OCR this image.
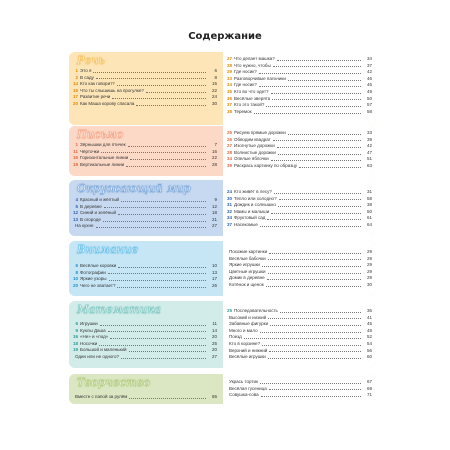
Содержание
Речь
1 Это я	6
2 В саду	8
14 Кто как говорит?	15
15 Что ты слышишь на прогулке?	22
17 Развитие речи	24
20 Как Маша корову спасала	30
27 Что делает машка?	34
28 Что нужно, чтобы	37
29 Где носик?	42
33 Разговорчивые пальчики	46
34 Где носик?	46
35 Кто во что одет?	49
36 Весёлые зверята	50
37 Кто это такой?	57
38 Теремок	58
Письмо
1 Зёрнышки для птичек	7
11 Чёрточки	16
15 Горизонтальные линии	22
19 Вертикальные линии	28
25 Рисуем прямые дорожки	33
26 Обводим квадрат	39
27 Изогнутые дорожки	42
28 Волнистые дорожки	47
34 Опелые яблочки	51
39 Раскрась картинку по образцу	63
Окружающий мир
4 Красный и жёлтый	9
5 В деревне	12
12 Синий и зелёный	18
13 В огороде	21
На кухне	27
24 Кто живёт в лесу?	31
30 Тепло или холодно?	58
31 Дождик и солнышко	38
32 Мамы и малыши	50
34 Фруктовый сад	61
37 Насекомые	64
Внимание
6 Весёлые коровки	10
8 Фотографии	13
10 Яркие узоры	17
20 Чего не хватает?	26
Похожие картинки	29
Весёлые бабочки	29
Яркие игрушки	29
Цветные игрушки	29
Домик в деревне	29
Котёнок и щенок	30
Математика
6 Игрушки	11
9 Куклы Даша	14
16 «Не» и «под»	20
18 Носочки	25
19 Большой и маленький	20
Один или не одного?	27
25 Последовательность	36
Высокий и низкий	41
Забавные фигурки	45
Много и мало	48
Поезд	52
Кто в корзине?	54
Верхний и нижний	56
Весёлые игрушки	60
Творчество
Вместе с папой за рулём	65
Укрась тортик	67
Весёлая гусеница	69
Совушка-сова	71
